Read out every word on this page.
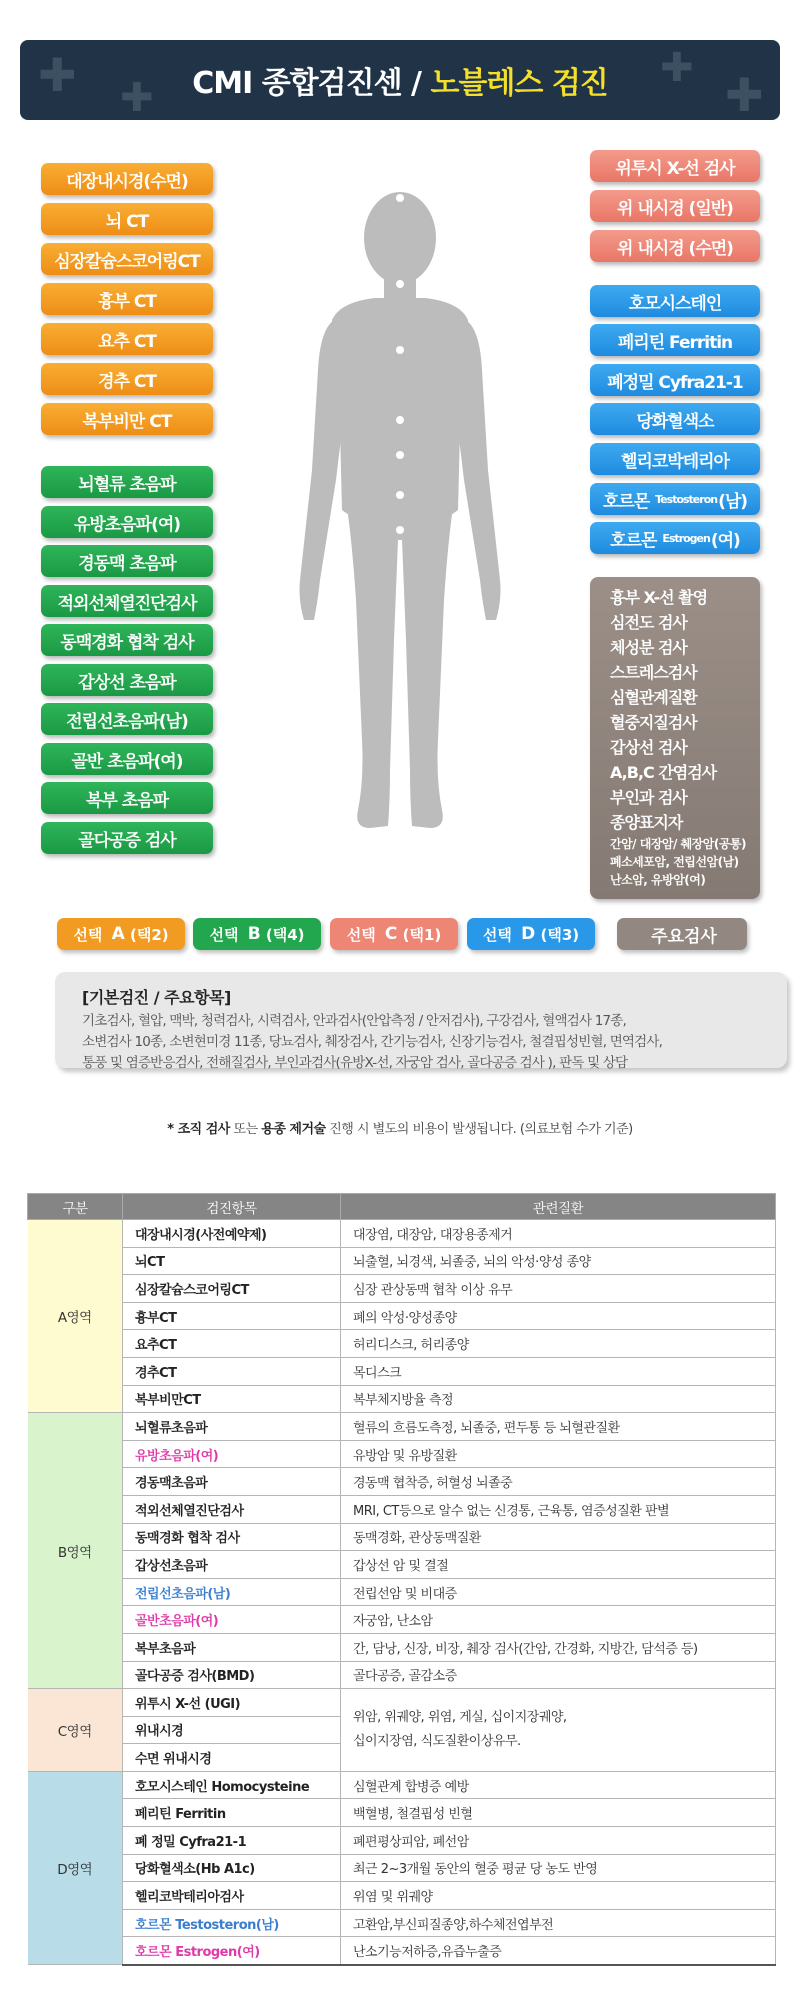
✚ ✚
✚ ✚
CMI 종합검진센 / 노블레스 검진
대장내시경(수면)
뇌 CT
심장칼슘스코어링CT
흉부 CT
요추 CT
경추 CT
복부비만 CT
뇌혈류 초음파
유방초음파(여)
경동맥 초음파
적외선체열진단검사
동맥경화 협착 검사
갑상선 초음파
전립선초음파(남)
골반 초음파(여)
복부 초음파
골다공증 검사
위투시 X-선 검사
위 내시경 (일반)
위 내시경 (수면)
호모시스테인
페리틴 Ferritin
폐정밀 Cyfra21-1
당화혈색소
헬리코박테리아
호르몬
Testosteron (남)
호르몬
Estrogen (여)
흉부 X-선 촬영
심전도 검사
체성분 검사
스트레스검사
심혈관계질환
혈중지질검사
갑상선 검사
A,B,C 간염검사
부인과 검사
종양표지자
간암/ 대장암/ 췌장암(공통)
폐소세포암, 전립선암(남)
난소암, 유방암(여)
선택
A
(택2)	선택
B
(택4)	선택
C
(택1)	선택
D
(택3)	주요검사
[기본검진 / 주요항목]
기초검사, 혈압, 맥박, 청력검사, 시력검사, 안과검사(안압측정 / 안저검사), 구강검사, 혈액검사 17종,
소변검사 10종, 소변현미경 11종, 당뇨검사, 췌장검사, 간기능검사, 신장기능검사, 철결핍성빈혈, 면역검사,
통풍 및 염증반응검사, 전해질검사, 부인과검사(유방X-선, 자궁암 검사, 골다공증 검사 ), 판독 및 상담
* 조직 검사 또는 용종 제거술 진행 시 별도의 비용이 발생됩니다. (의료보험 수가 기준)
구분	검진항목	관련질환
A영역	대장내시경(사전예약제)	대장염, 대장암, 대장용종제거
	뇌CT	뇌출혈, 뇌경색, 뇌졸중, 뇌의 악성·양성 종양
	심장칼슘스코어링CT	심장 관상동맥 협착 이상 유무
	흉부CT	폐의 악성·양성종양
	요추CT	허리디스크, 허리종양
	경추CT	목디스크
	복부비만CT	복부체지방율 측정
B영역	뇌혈류초음파	혈류의 흐름도측정, 뇌졸중, 편두통 등 뇌혈관질환
	유방초음파(여)	유방암 및 유방질환
	경동맥초음파	경동맥 협착증, 허혈성 뇌졸중
	적외선체열진단검사	MRI, CT등으로 알수 없는 신경통, 근육통, 염증성질환 판별
	동맥경화 협착 검사	동맥경화, 관상동맥질환
	갑상선초음파	갑상선 암 및 결절
	전립선초음파(남)	전립선암 및 비대증
	골반초음파(여)	자궁암, 난소암
	복부초음파	간, 담낭, 신장, 비장, 췌장 검사(간암, 간경화, 지방간, 담석증 등)
	골다공증 검사(BMD)	골다공증, 골감소증
C영역	위투시 X-선 (UGI)	위암, 위궤양, 위염, 게실, 십이지장궤양,
십이지장염, 식도질환이상유무.

	위내시경	
	수면 위내시경	
D영역	호모시스테인 Homocysteine	심혈관계 합병증 예방
	페리틴 Ferritin	백혈병, 철결핍성 빈혈
	폐 정밀 Cyfra21-1	폐편평상피암, 폐선암
	당화혈색소(Hb A1c)	최근 2~3개월 동안의 혈중 평균 당 농도 반영
	헬리코박테리아검사	위염 및 위궤양
	호르몬 Testosteron(남)	고환암,부신피질종양,하수체전엽부전
	호르몬 Estrogen(여)	난소기능저하증,유즙누출증
